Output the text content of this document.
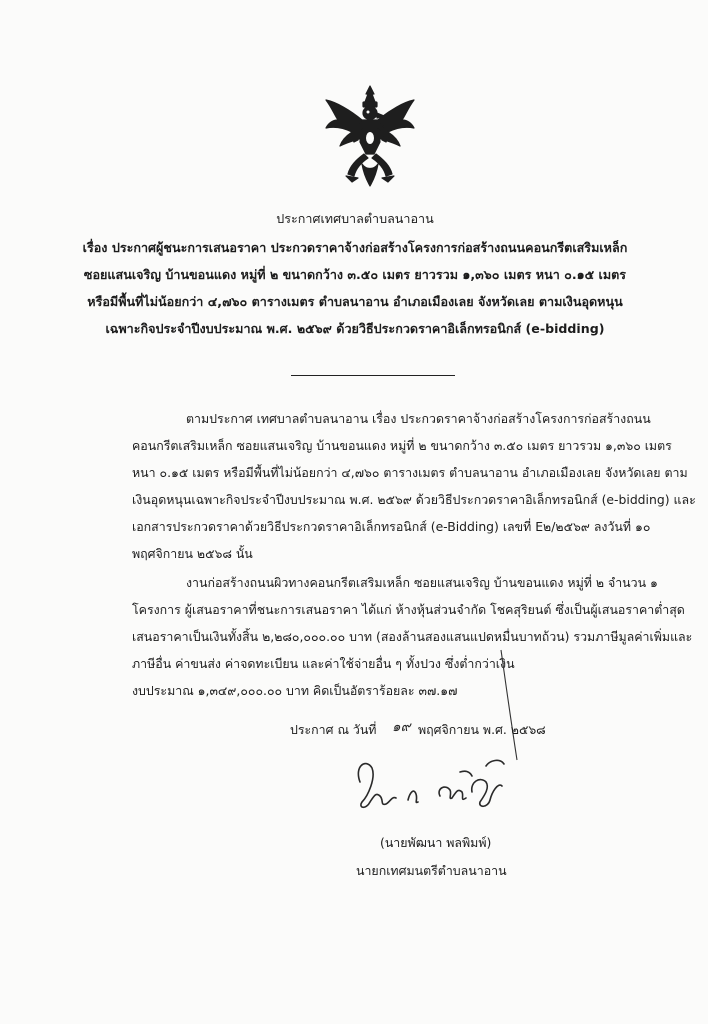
ประกาศเทศบาลตำบลนาอาน
เรื่อง ประกาศผู้ชนะการเสนอราคา ประกวดราคาจ้างก่อสร้างโครงการก่อสร้างถนนคอนกรีตเสริมเหล็ก
ซอยแสนเจริญ บ้านขอนแดง หมู่ที่ ๒ ขนาดกว้าง ๓.๕๐ เมตร ยาวรวม ๑,๓๖๐ เมตร หนา ๐.๑๕ เมตร
หรือมีพื้นที่ไม่น้อยกว่า ๔,๗๖๐ ตารางเมตร ตำบลนาอาน อำเภอเมืองเลย จังหวัดเลย ตามเงินอุดหนุน
เฉพาะกิจประจำปีงบประมาณ พ.ศ. ๒๕๖๙ ด้วยวิธีประกวดราคาอิเล็กทรอนิกส์ (e-bidding)
ตามประกาศ เทศบาลตำบลนาอาน เรื่อง ประกวดราคาจ้างก่อสร้างโครงการก่อสร้างถนน
คอนกรีตเสริมเหล็ก ซอยแสนเจริญ บ้านขอนแดง หมู่ที่ ๒ ขนาดกว้าง ๓.๕๐ เมตร ยาวรวม ๑,๓๖๐ เมตร
หนา ๐.๑๕ เมตร หรือมีพื้นที่ไม่น้อยกว่า ๔,๗๖๐ ตารางเมตร ตำบลนาอาน อำเภอเมืองเลย จังหวัดเลย ตาม
เงินอุดหนุนเฉพาะกิจประจำปีงบประมาณ พ.ศ. ๒๕๖๙ ด้วยวิธีประกวดราคาอิเล็กทรอนิกส์ (e-bidding) และ
เอกสารประกวดราคาด้วยวิธีประกวดราคาอิเล็กทรอนิกส์ (e-Bidding) เลขที่ E๒/๒๕๖๙ ลงวันที่ ๑๐
พฤศจิกายน ๒๕๖๘ นั้น
งานก่อสร้างถนนผิวทางคอนกรีตเสริมเหล็ก ซอยแสนเจริญ บ้านขอนแดง หมู่ที่ ๒ จำนวน ๑
โครงการ ผู้เสนอราคาที่ชนะการเสนอราคา ได้แก่ ห้างหุ้นส่วนจำกัด โชคสุริยนต์ ซึ่งเป็นผู้เสนอราคาต่ำสุด
เสนอราคาเป็นเงินทั้งสิ้น ๒,๒๘๐,๐๐๐.๐๐ บาท (สองล้านสองแสนแปดหมื่นบาทถ้วน) รวมภาษีมูลค่าเพิ่มและ
ภาษีอื่น ค่าขนส่ง ค่าจดทะเบียน และค่าใช้จ่ายอื่น ๆ ทั้งปวง ซึ่งต่ำกว่าเงิน
งบประมาณ ๑,๓๔๙,๐๐๐.๐๐ บาท คิดเป็นอัตราร้อยละ ๓๗.๑๗
ประกาศ ณ วันที่ ๑๙ พฤศจิกายน พ.ศ. ๒๕๖๘
(นายพัฒนา พลพิมพ์)
นายกเทศมนตรีตำบลนาอาน
